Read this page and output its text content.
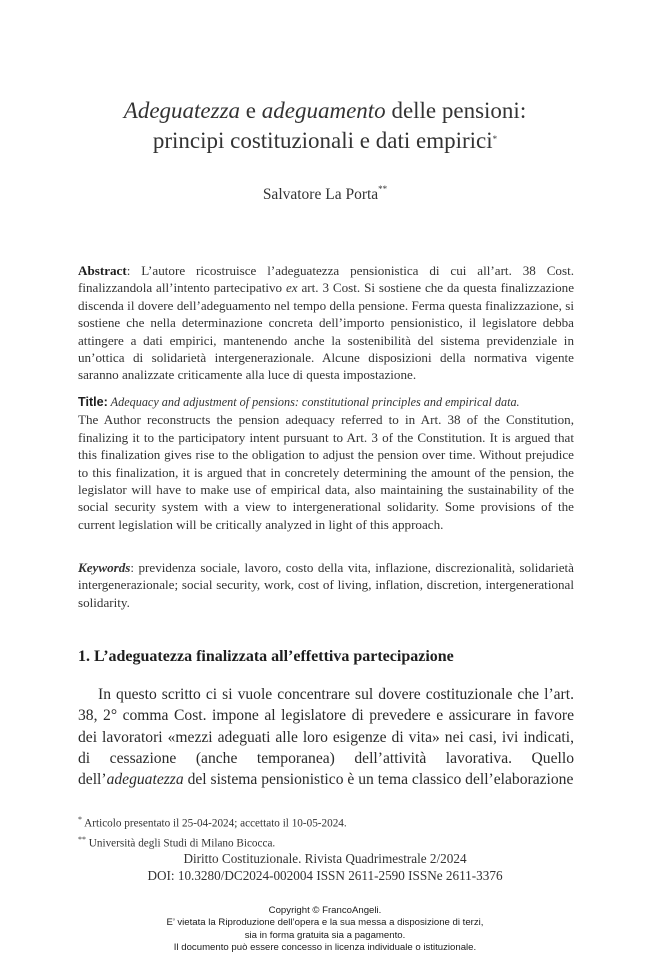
Adeguatezza e adeguamento delle pensioni:
principi costituzionali e dati empirici*
Salvatore La Porta**
Abstract: L’autore ricostruisce l’adeguatezza pensionistica di cui all’art. 38 Cost. finalizzandola all’intento partecipativo ex art. 3 Cost. Si sostiene che da questa finalizzazione discenda il dovere dell’adeguamento nel tempo della pensione. Ferma questa finalizzazione, si sostiene che nella determinazione concreta dell’importo pensionistico, il legislatore debba attingere a dati empirici, mantenendo anche la sostenibilità del sistema previdenziale in un’ottica di solidarietà intergenerazionale. Alcune disposizioni della normativa vigente saranno analizzate criticamente alla luce di questa impostazione.
Title: Adequacy and adjustment of pensions: constitutional principles and empirical data.
The Author reconstructs the pension adequacy referred to in Art. 38 of the Constitution, finalizing it to the participatory intent pursuant to Art. 3 of the Constitution. It is argued that this finalization gives rise to the obligation to adjust the pension over time. Without prejudice to this finalization, it is argued that in concretely determining the amount of the pension, the legislator will have to make use of empirical data, also maintaining the sustainability of the social security system with a view to intergenerational solidarity. Some provisions of the current legislation will be critically analyzed in light of this approach.
Keywords: previdenza sociale, lavoro, costo della vita, inflazione, discrezionalità, solidarietà intergenerazionale; social security, work, cost of living, inflation, discretion, intergenerational solidarity.
1. L’adeguatezza finalizzata all’effettiva partecipazione
In questo scritto ci si vuole concentrare sul dovere costituzionale che l’art. 38, 2° comma Cost. impone al legislatore di prevedere e assicurare in favore dei lavoratori «mezzi adeguati alle loro esigenze di vita» nei casi, ivi indicati, di cessazione (anche temporanea) dell’attività lavorativa. Quello dell’adeguatezza del sistema pensionistico è un tema classico dell’elaborazione
* Articolo presentato il 25-04-2024; accettato il 10-05-2024.
** Università degli Studi di Milano Bicocca.
Diritto Costituzionale. Rivista Quadrimestrale 2/2024
DOI: 10.3280/DC2024-002004 ISSN 2611-2590 ISSNe 2611-3376
Copyright © FrancoAngeli.
E’ vietata la Riproduzione dell’opera e la sua messa a disposizione di terzi,
sia in forma gratuita sia a pagamento.
Il documento può essere concesso in licenza individuale o istituzionale.
